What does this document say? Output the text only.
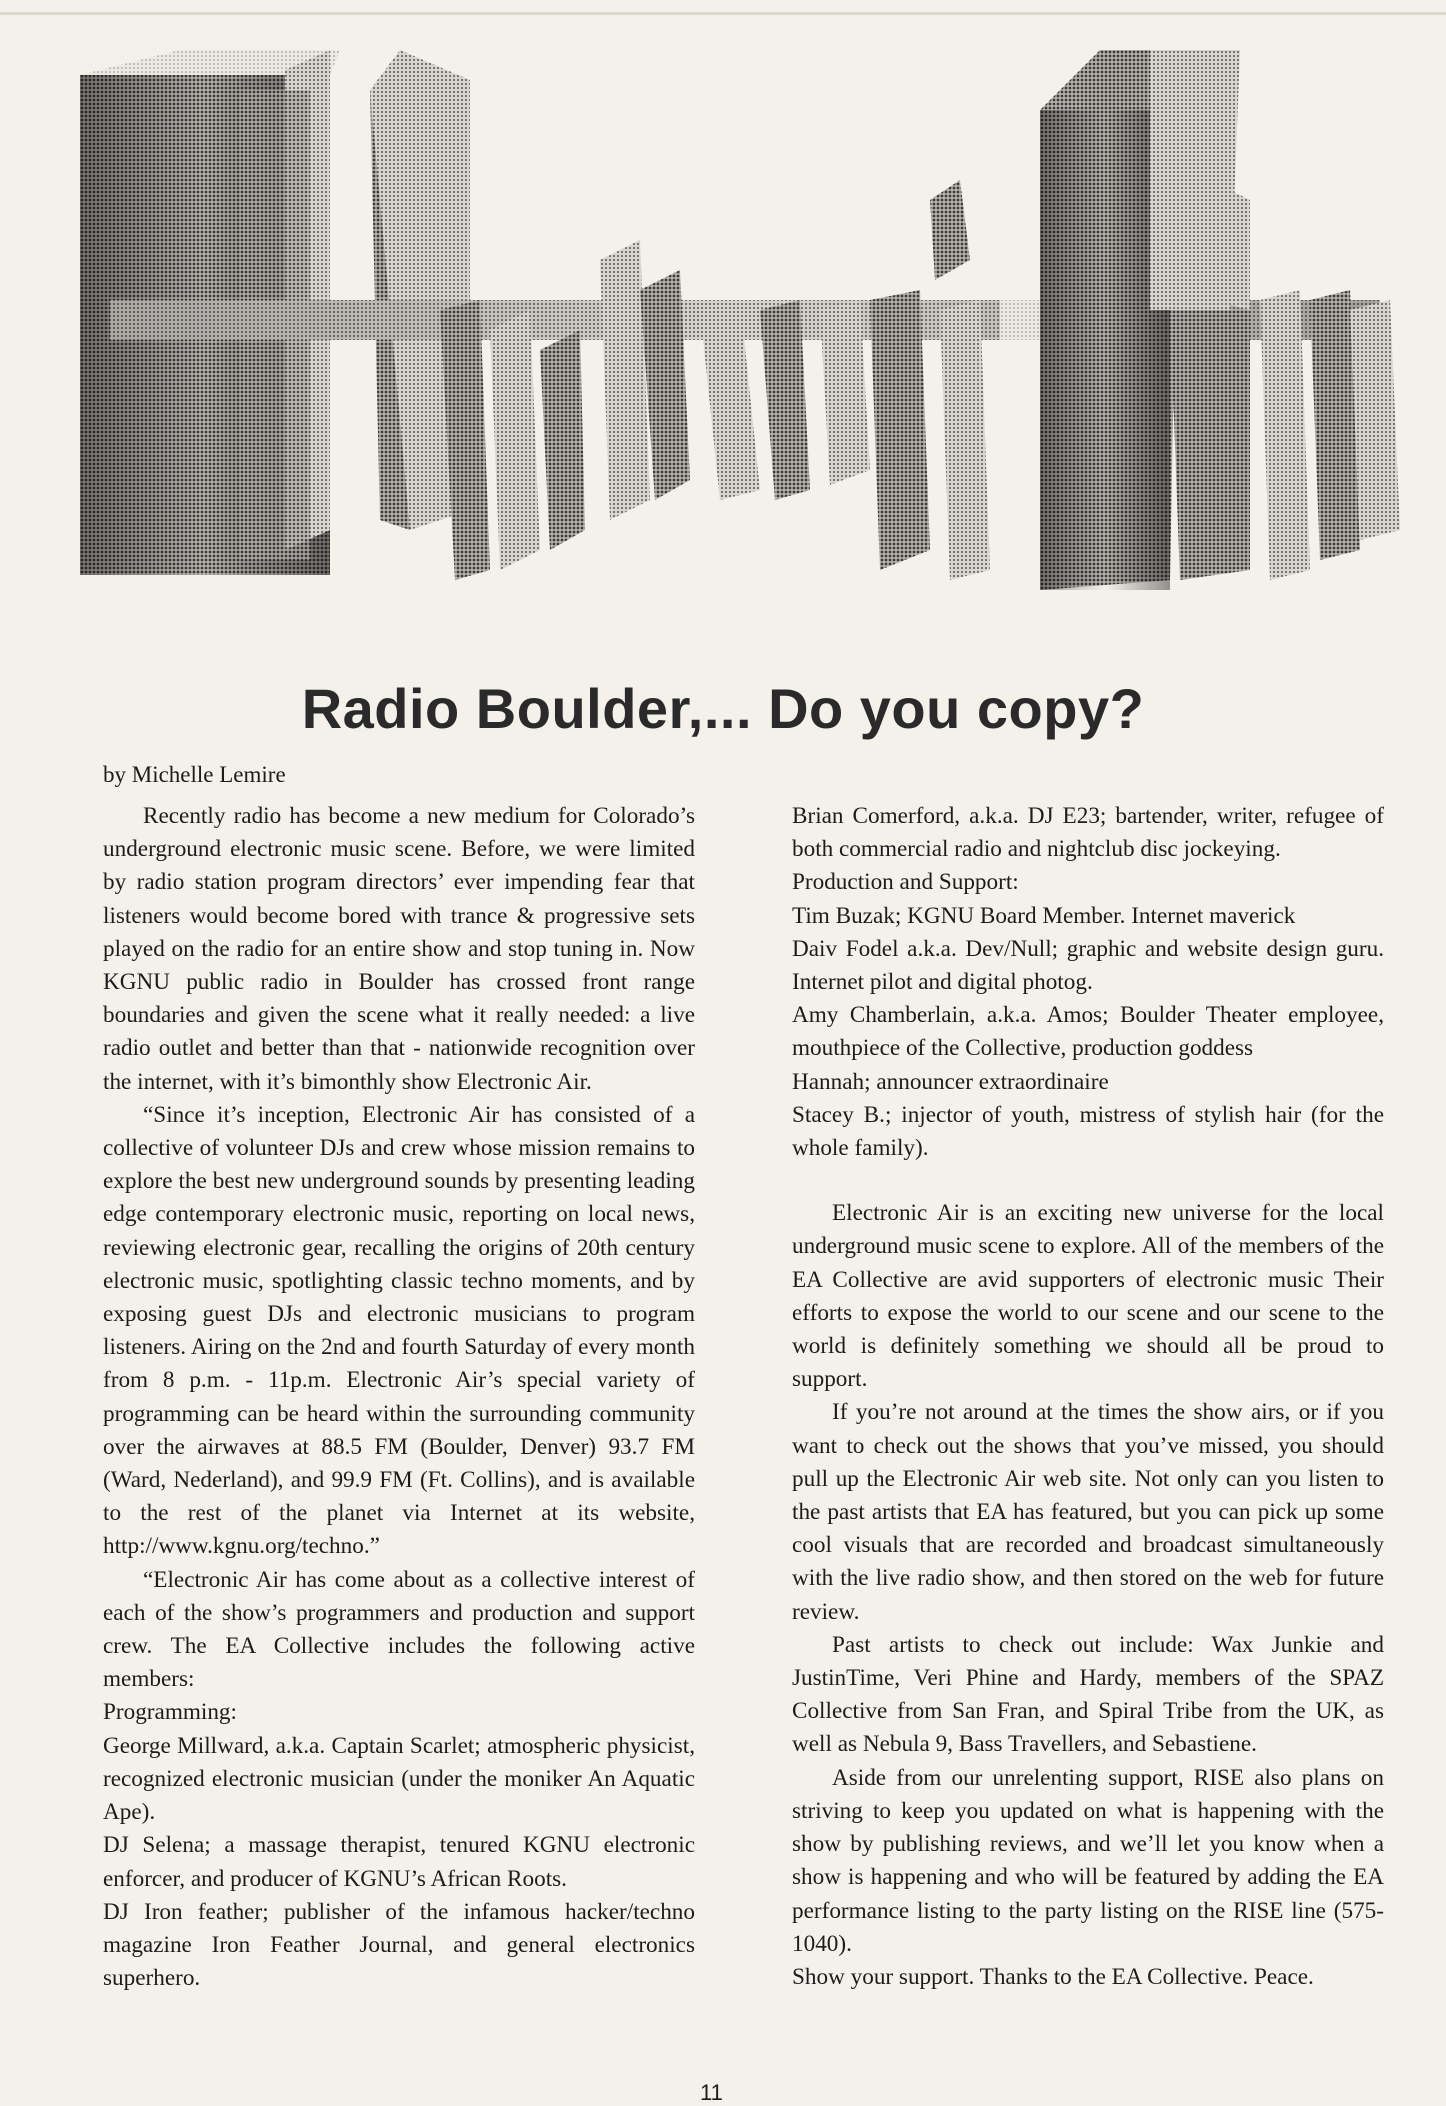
Radio Boulder,... Do you copy?
by Michelle Lemire

Recently radio has become a new medium for Colorado’s underground electronic music scene. Before, we were limited by radio station program directors’ ever impending fear that listeners would become bored with trance & progressive sets played on the radio for an entire show and stop tuning in. Now KGNU public radio in Boulder has crossed front range boundaries and given the scene what it really needed: a live radio outlet and better than that - nationwide recognition over the internet, with it’s bimonthly show Electronic Air.

“Since it’s inception, Electronic Air has consisted of a collective of volunteer DJs and crew whose mission remains to explore the best new underground sounds by presenting leading edge contemporary electronic music, reporting on local news, reviewing electronic gear, recalling the origins of 20th century electronic music, spotlighting classic techno moments, and by exposing guest DJs and electronic musicians to program listeners. Airing on the 2nd and fourth Saturday of every month from 8 p.m. - 11p.m. Electronic Air’s special variety of programming can be heard within the surrounding community over the airwaves at 88.5 FM (Boulder, Denver) 93.7 FM (Ward, Nederland), and 99.9 FM (Ft. Collins), and is available to the rest of the planet via Internet at its website, http://www.kgnu.org/techno.”

“Electronic Air has come about as a collective interest of each of the show’s programmers and production and support crew. The EA Collective includes the following active members:

Programming:

George Millward, a.k.a. Captain Scarlet; atmospheric physicist, recognized electronic musician (under the moniker An Aquatic Ape).

DJ Selena; a massage therapist, tenured KGNU electronic enforcer, and producer of KGNU’s African Roots.

DJ Iron feather; publisher of the infamous hacker/techno magazine Iron Feather Journal, and general electronics superhero.

Brian Comerford, a.k.a. DJ E23; bartender, writer, refugee of both commercial radio and nightclub disc jockeying.

Production and Support:

Tim Buzak; KGNU Board Member. Internet maverick

Daiv Fodel a.k.a. Dev/Null; graphic and website design guru. Internet pilot and digital photog.

Amy Chamberlain, a.k.a. Amos; Boulder Theater employee, mouthpiece of the Collective, production goddess

Hannah; announcer extraordinaire

Stacey B.; injector of youth, mistress of stylish hair (for the whole family).

Electronic Air is an exciting new universe for the local underground music scene to explore. All of the members of the EA Collective are avid supporters of electronic music Their efforts to expose the world to our scene and our scene to the world is definitely something we should all be proud to support.

If you’re not around at the times the show airs, or if you want to check out the shows that you’ve missed, you should pull up the Electronic Air web site. Not only can you listen to the past artists that EA has featured, but you can pick up some cool visuals that are recorded and broadcast simultaneously with the live radio show, and then stored on the web for future review.

Past artists to check out include: Wax Junkie and JustinTime, Veri Phine and Hardy, members of the SPAZ Collective from San Fran, and Spiral Tribe from the UK, as well as Nebula 9, Bass Travellers, and Sebastiene.

Aside from our unrelenting support, RISE also plans on striving to keep you updated on what is happening with the show by publishing reviews, and we’ll let you know when a show is happening and who will be featured by adding the EA performance listing to the party listing on the RISE line (575-1040).

Show your support. Thanks to the EA Collective. Peace.

11
